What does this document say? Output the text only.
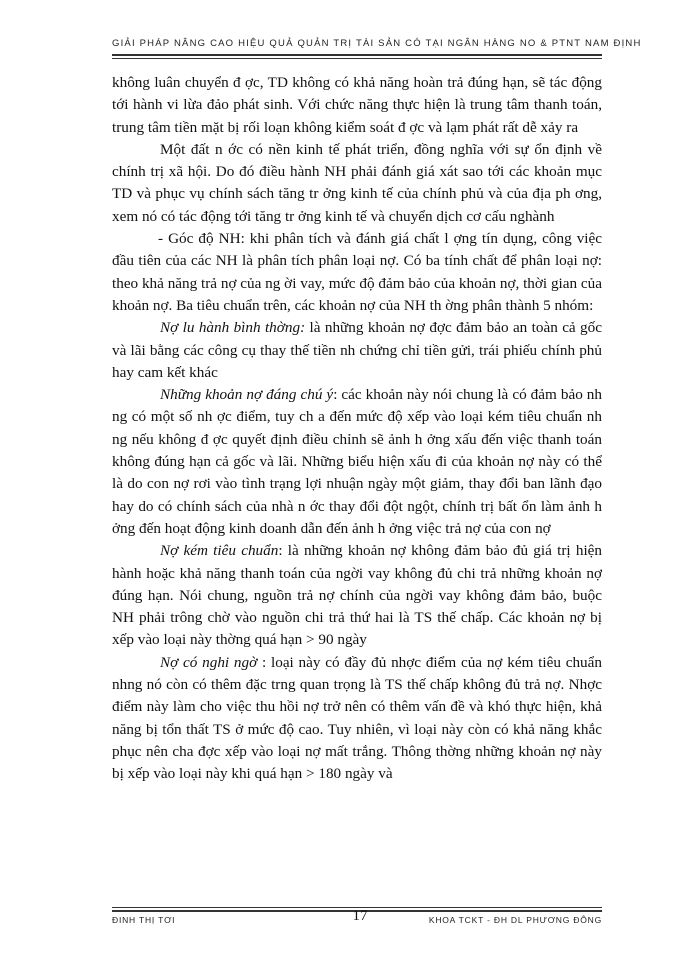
GIẢI PHÁP NÂNG CAO HIỆU QUẢ QUẢN TRỊ TÀI SẢN CÓ TẠI NGÂN HÀNG NO & PTNT NAM ĐỊNH

không luân chuyển đ ợc, TD không có khả năng hoàn trả đúng hạn, sẽ tác động tới hành vi lừa đảo phát sinh. Với chức năng thực hiện là trung tâm thanh toán, trung tâm tiền mặt bị rối loạn không kiểm soát đ ợc và lạm phát rất dễ xảy ra

Một đất n ớc có nền kinh tế phát triển, đồng nghĩa với sự ổn định về chính trị xã hội. Do đó điều hành NH phải đánh giá xát sao tới các khoản mục TD và phục vụ chính sách tăng tr ởng kinh tế của chính phủ và của địa ph ơng, xem nó có tác động tới tăng tr ởng kinh tế và chuyển dịch cơ cấu nghành

- Góc độ NH: khi phân tích và đánh giá chất l ợng tín dụng, công việc đầu tiên của các NH là phân tích phân loại nợ. Có ba tính chất để phân loại nợ: theo khả năng trả nợ của ng ời vay, mức độ đảm bảo của khoản nợ, thời gian của khoản nợ. Ba tiêu chuẩn trên, các khoản nợ của NH th ờng phân thành 5 nhóm:

Nợ lu hành bình thờng: là những khoản nợ đợc đảm bảo an toàn cả gốc và lãi bằng các công cụ thay thế tiền nh chứng chỉ tiền gửi, trái phiếu chính phủ hay cam kết khác

Những khoản nợ đáng chú ý: các khoản này nói chung là có đảm bảo nh ng có một số nh ợc điểm, tuy ch a đến mức độ xếp vào loại kém tiêu chuẩn nh ng nếu không đ ợc quyết định điều chỉnh sẽ ảnh h ởng xấu đến việc thanh toán không đúng hạn cả gốc và lãi. Những biểu hiện xấu đi của khoản nợ này có thể là do con nợ rơi vào tình trạng lợi nhuận ngày một giảm, thay đổi ban lãnh đạo hay do có chính sách của nhà n ớc thay đổi đột ngột, chính trị bất ổn làm ảnh h ởng đến hoạt động kinh doanh dẫn đến ảnh h ởng việc trả nợ của con nợ

Nợ kém tiêu chuẩn: là những khoản nợ không đảm bảo đủ giá trị hiện hành hoặc khả năng thanh toán của ngời vay không đủ chi trả những khoản nợ đúng hạn. Nói chung, nguồn trả nợ chính của ngời vay không đảm bảo, buộc NH phải trông chờ vào nguồn chi trả thứ hai là TS thế chấp. Các khoản nợ bị xếp vào loại này thờng quá hạn > 90 ngày

Nợ có nghi ngờ : loại này có đầy đủ nhợc điểm của nợ kém tiêu chuẩn nhng nó còn có thêm đặc trng quan trọng là TS thế chấp không đủ trả nợ. Nhợc điểm này làm cho việc thu hồi nợ trở nên có thêm vấn đề và khó thực hiện, khả năng bị tổn thất TS ở mức độ cao. Tuy nhiên, vì loại này còn có khả năng khắc phục nên cha đợc xếp vào loại nợ mất trắng. Thông thờng những khoản nợ này bị xếp vào loại này khi quá hạn > 180 ngày và

ĐINH THỊ TƠI	17	KHOA TCKT - ĐH DL PHƯƠNG ĐÔNG
